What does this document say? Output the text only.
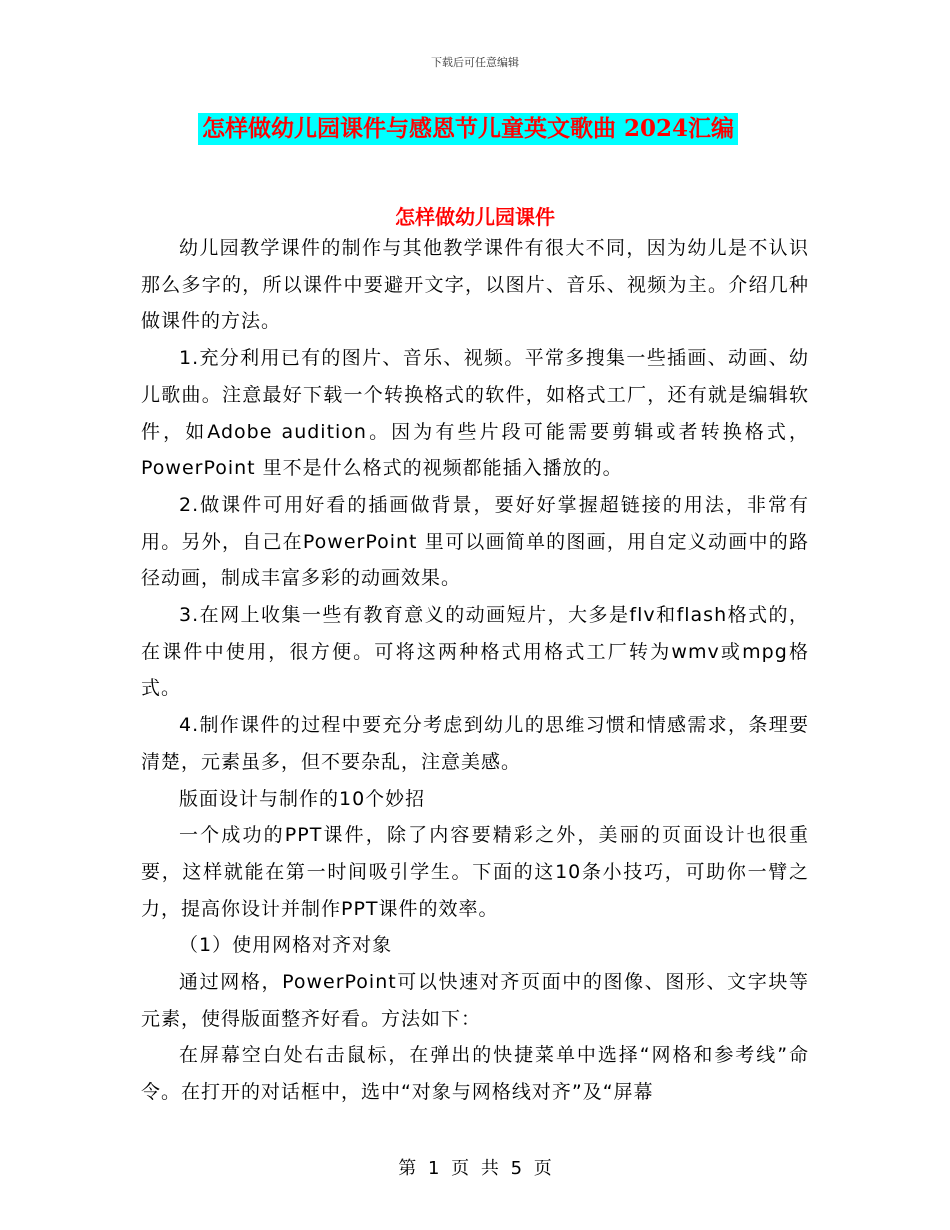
下载后可任意编辑
怎样做幼儿园课件与感恩节儿童英文歌曲 2024汇编
怎样做幼儿园课件

幼儿园教学课件的制作与其他教学课件有很大不同，因为幼儿是不认识那么多字的，所以课件中要避开文字，以图片、音乐、视频为主。介绍几种做课件的方法。

1.充分利用已有的图片、音乐、视频。平常多搜集一些插画、动画、幼儿歌曲。注意最好下载一个转换格式的软件，如格式工厂，还有就是编辑软件，如Adobe audition。因为有些片段可能需要剪辑或者转换格式，PowerPoint 里不是什么格式的视频都能插入播放的。

2.做课件可用好看的插画做背景，要好好掌握超链接的用法，非常有用。另外，自己在PowerPoint 里可以画简单的图画，用自定义动画中的路径动画，制成丰富多彩的动画效果。

3.在网上收集一些有教育意义的动画短片，大多是flv和flash格式的，在课件中使用，很方便。可将这两种格式用格式工厂转为wmv或mpg格式。

4.制作课件的过程中要充分考虑到幼儿的思维习惯和情感需求，条理要清楚，元素虽多，但不要杂乱，注意美感。

版面设计与制作的10个妙招

一个成功的PPT课件，除了内容要精彩之外，美丽的页面设计也很重要，这样就能在第一时间吸引学生。下面的这10条小技巧，可助你一臂之力，提高你设计并制作PPT课件的效率。

（1）使用网格对齐对象

通过网格，PowerPoint可以快速对齐页面中的图像、图形、文字块等元素，使得版面整齐好看。方法如下：

在屏幕空白处右击鼠标，在弹出的快捷菜单中选择“网格和参考线”命令。在打开的对话框中，选中“对象与网格线对齐”及“屏幕

第 1 页 共 5 页
